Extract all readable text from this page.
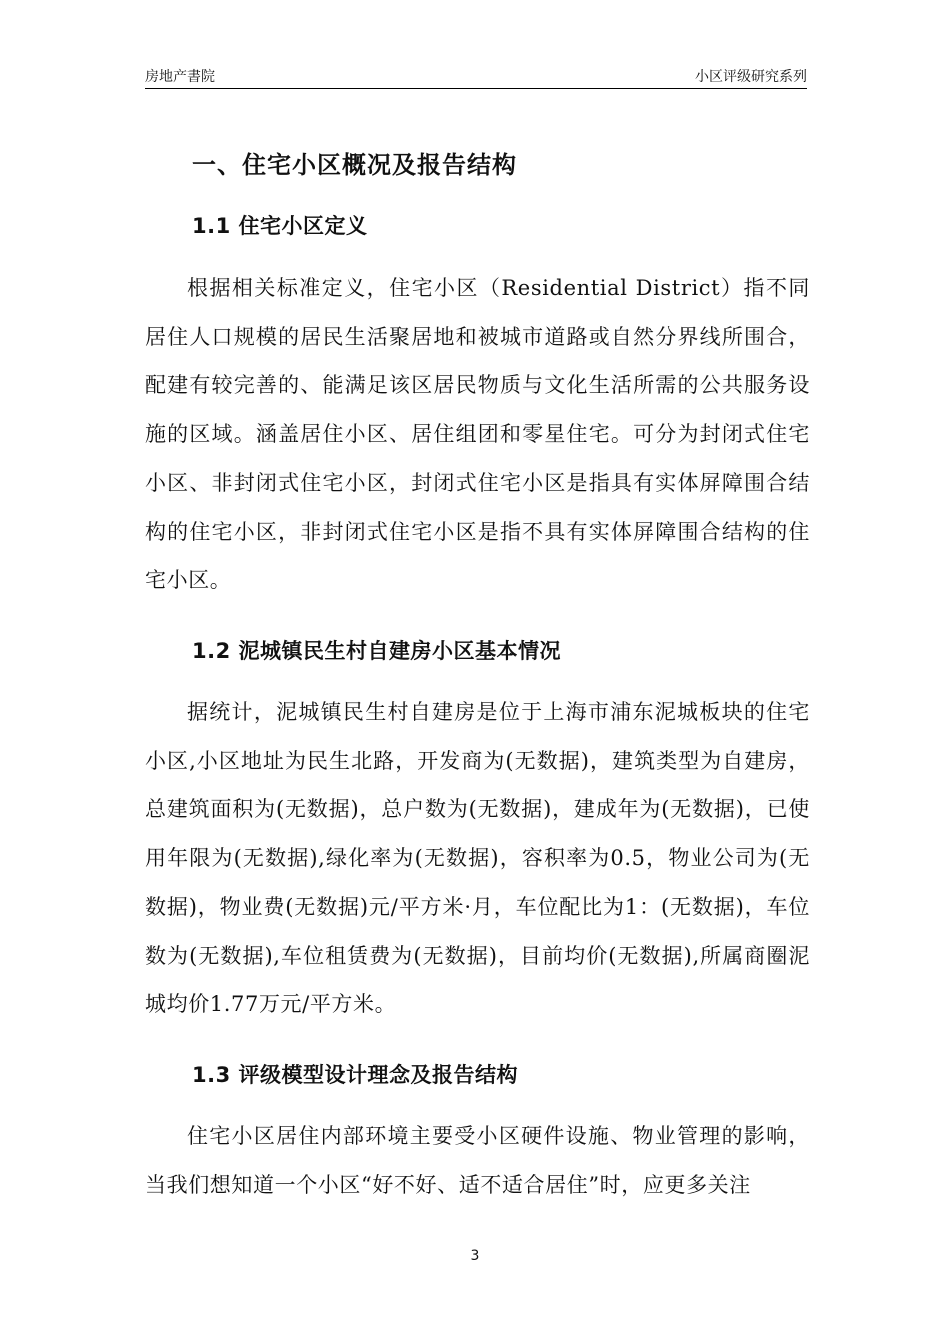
房地产書院	小区评级研究系列
一、住宅小区概况及报告结构
1.1 住宅小区定义

根据相关标准定义，住宅小区（Residential District）指不同居住人口规模的居民生活聚居地和被城市道路或自然分界线所围合，配建有较完善的、能满足该区居民物质与文化生活所需的公共服务设施的区域。涵盖居住小区、居住组团和零星住宅。可分为封闭式住宅小区、非封闭式住宅小区，封闭式住宅小区是指具有实体屏障围合结构的住宅小区，非封闭式住宅小区是指不具有实体屏障围合结构的住宅小区。

1.2 泥城镇民生村自建房小区基本情况

据统计，泥城镇民生村自建房是位于上海市浦东泥城板块的住宅小区,小区地址为民生北路，开发商为(无数据)，建筑类型为自建房，总建筑面积为(无数据)，总户数为(无数据)，建成年为(无数据)，已使用年限为(无数据),绿化率为(无数据)，容积率为0.5，物业公司为(无数据)，物业费(无数据)元/平方米·月，车位配比为1：(无数据)，车位数为(无数据),车位租赁费为(无数据)，目前均价(无数据),所属商圈泥城均价1.77万元/平方米。

1.3 评级模型设计理念及报告结构

住宅小区居住内部环境主要受小区硬件设施、物业管理的影响，当我们想知道一个小区“好不好、适不适合居住”时，应更多关注

3
